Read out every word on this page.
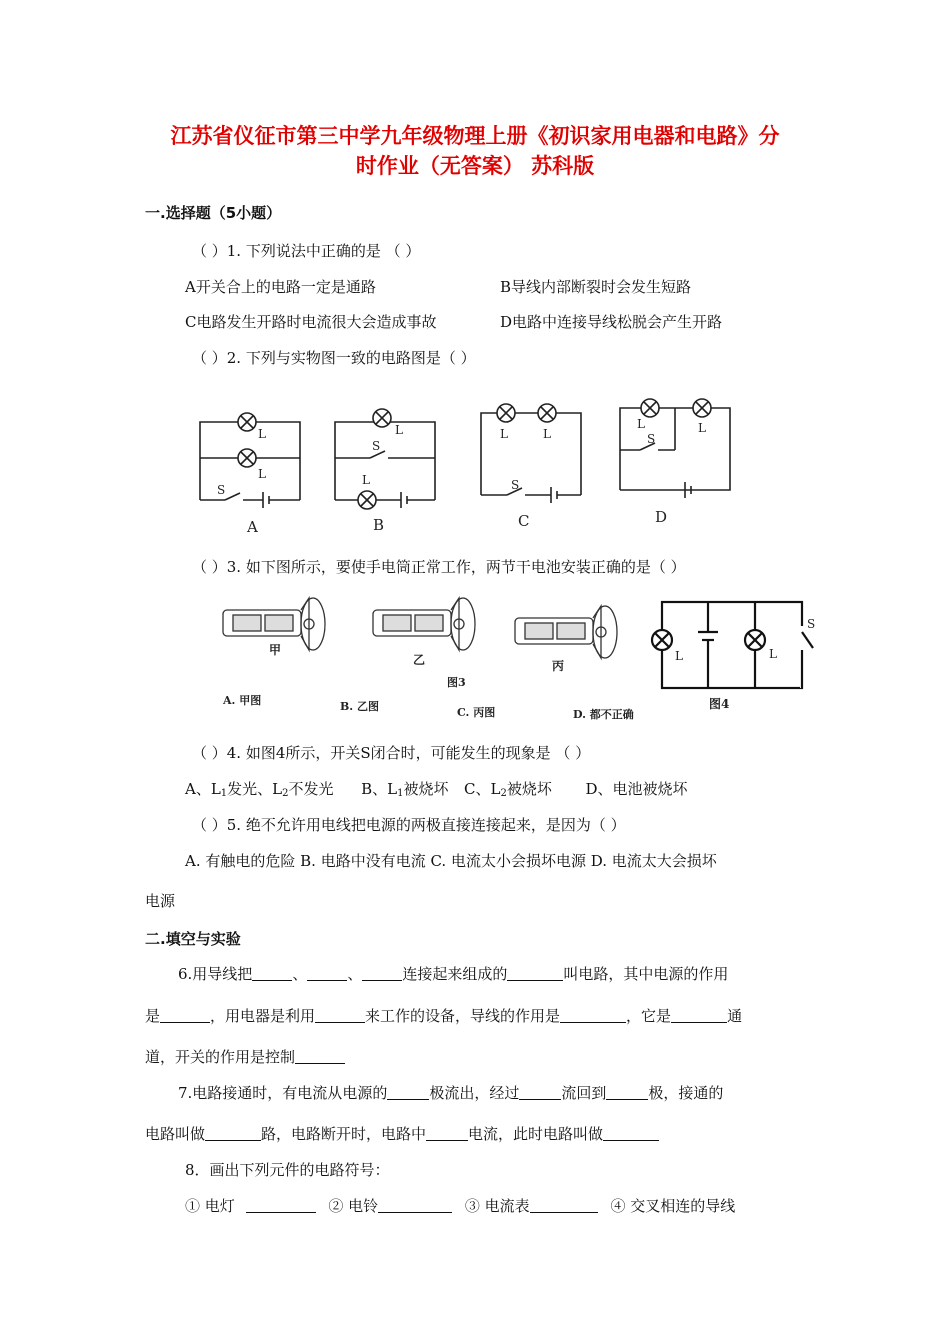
江苏省仪征市第三中学九年级物理上册《初识家用电器和电路》分
时作业（无答案） 苏科版
一.选择题（5小题）
（ ）1. 下列说法中正确的是 （ ）
A开关合上的电路一定是通路	B导线内部断裂时会发生短路
C电路发生开路时电流很大会造成事故	D电路中连接导线松脱会产生开路
（ ）2. 下列与实物图一致的电路图是（ ）
L
L
S
A
L
S
L
B
L	L
S
C
L	L
S
D
（ ）3. 如下图所示，要使手电筒正常工作，两节干电池安装正确的是（ ）
甲
乙	丙
图3
A. 甲图	B. 乙图	C. 丙图	D. 都不正确
L	L
S
图4
（ ）4. 如图4所示，开关S闭合时，可能发生的现象是 （ ）
A、$L_1$发光、$L_2$不发光 B、$L_1$被烧坏 C、$L_2$被烧坏 D、电池被烧坏
（ ）5. 绝不允许用电线把电源的两极直接连接起来，是因为（ ）
A. 有触电的危险 B. 电路中没有电流 C. 电流太小会损坏电源 D. 电流太大会损坏
电源
二.填空与实验
6.用导线把	、	、	连接起来组成的	叫电路，其中电源的作用
是	，用电器是利用	来工作的设备，导线的作用是	，它是	通
道，开关的作用是控制
7.电路接通时，有电流从电源的	极流出，经过	流回到	极，接通的
电路叫做	路，电路断开时，电路中	电流，此时电路叫做
8．画出下列元件的电路符号：
① 电灯	② 电铃	③ 电流表	④ 交叉相连的导线
